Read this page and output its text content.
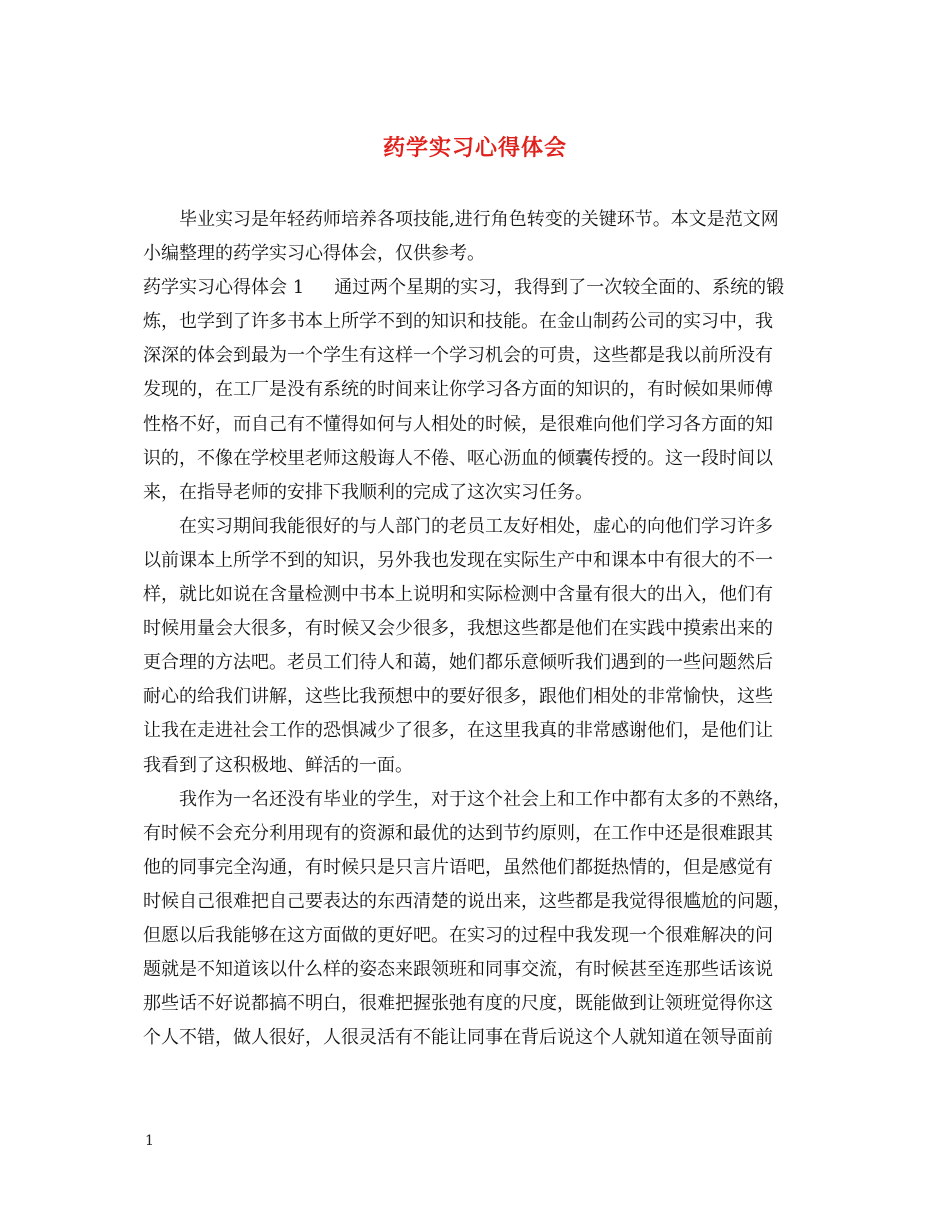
药学实习心得体会
毕业实习是年轻药师培养各项技能,进行角色转变的关键环节。本文是范文网
小编整理的药学实习心得体会，仅供参考。
药学实习心得体会 1 通过两个星期的实习，我得到了一次较全面的、系统的锻
炼，也学到了许多书本上所学不到的知识和技能。在金山制药公司的实习中，我
深深的体会到最为一个学生有这样一个学习机会的可贵，这些都是我以前所没有
发现的，在工厂是没有系统的时间来让你学习各方面的知识的，有时候如果师傅
性格不好，而自己有不懂得如何与人相处的时候，是很难向他们学习各方面的知
识的，不像在学校里老师这般诲人不倦、呕心沥血的倾囊传授的。这一段时间以
来，在指导老师的安排下我顺利的完成了这次实习任务。
在实习期间我能很好的与人部门的老员工友好相处，虚心的向他们学习许多
以前课本上所学不到的知识，另外我也发现在实际生产中和课本中有很大的不一
样，就比如说在含量检测中书本上说明和实际检测中含量有很大的出入，他们有
时候用量会大很多，有时候又会少很多，我想这些都是他们在实践中摸索出来的
更合理的方法吧。老员工们待人和蔼，她们都乐意倾听我们遇到的一些问题然后
耐心的给我们讲解，这些比我预想中的要好很多，跟他们相处的非常愉快，这些
让我在走进社会工作的恐惧减少了很多，在这里我真的非常感谢他们，是他们让
我看到了这积极地、鲜活的一面。
我作为一名还没有毕业的学生，对于这个社会上和工作中都有太多的不熟络，
有时候不会充分利用现有的资源和最优的达到节约原则，在工作中还是很难跟其
他的同事完全沟通，有时候只是只言片语吧，虽然他们都挺热情的，但是感觉有
时候自己很难把自己要表达的东西清楚的说出来，这些都是我觉得很尴尬的问题，
但愿以后我能够在这方面做的更好吧。在实习的过程中我发现一个很难解决的问
题就是不知道该以什么样的姿态来跟领班和同事交流，有时候甚至连那些话该说
那些话不好说都搞不明白，很难把握张弛有度的尺度，既能做到让领班觉得你这
个人不错，做人很好，人很灵活有不能让同事在背后说这个人就知道在领导面前
1
